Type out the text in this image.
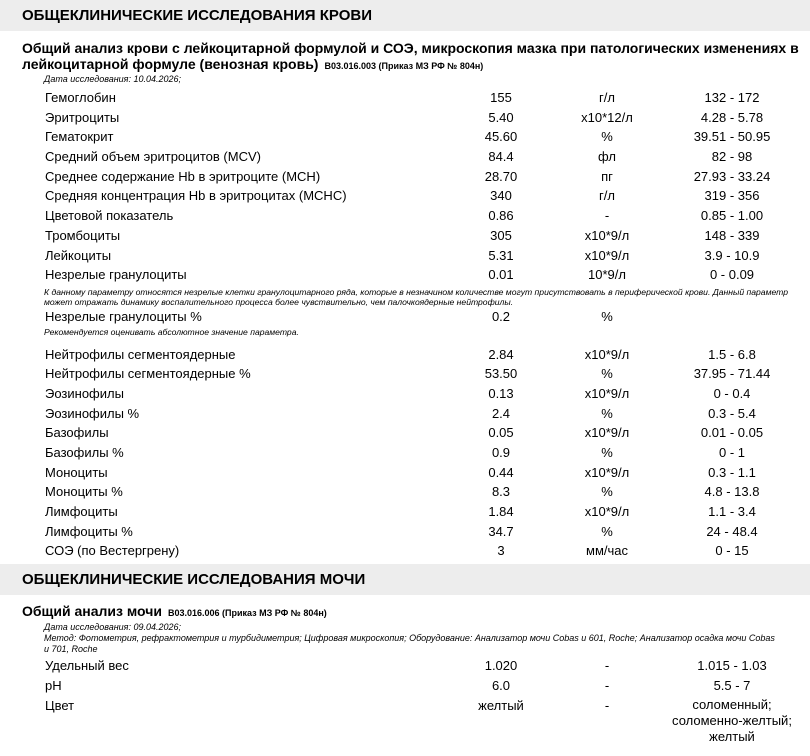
ОБЩЕКЛИНИЧЕСКИЕ ИССЛЕДОВАНИЯ КРОВИ
Общий анализ крови с лейкоцитарной формулой и СОЭ, микроскопия мазка при патологических изменениях в лейкоцитарной формуле (венозная кровь) B03.016.003 (Приказ МЗ РФ № 804н)
Дата исследования: 10.04.2026;
Гемоглобин	155	г/л	132 - 172
Эритроциты	5.40	x10*12/л	4.28 - 5.78
Гематокрит	45.60	%	39.51 - 50.95
Средний объем эритроцитов (MCV)	84.4	фл	82 - 98
Среднее содержание Hb в эритроците (MCH)	28.70	пг	27.93 - 33.24
Средняя концентрация Hb в эритроцитах (MCHC)	340	г/л	319 - 356
Цветовой показатель	0.86	-	0.85 - 1.00
Тромбоциты	305	x10*9/л	148 - 339
Лейкоциты	5.31	x10*9/л	3.9 - 10.9
Незрелые гранулоциты	0.01	10*9/л	0 - 0.09
К данному параметру относятся незрелые клетки гранулоцитарного ряда, которые в незначином количестве могут присутствовать в периферической крови. Данный параметр может отражать динамику воспалительного процесса более чувствительно, чем палочкоядерные нейтрофилы.
Незрелые гранулоциты %	0.2	%
Рекомендуется оценивать абсолютное значение параметра.
Нейтрофилы сегментоядерные	2.84	x10*9/л	1.5 - 6.8
Нейтрофилы сегментоядерные %	53.50	%	37.95 - 71.44
Эозинофилы	0.13	x10*9/л	0 - 0.4
Эозинофилы %	2.4	%	0.3 - 5.4
Базофилы	0.05	x10*9/л	0.01 - 0.05
Базофилы %	0.9	%	0 - 1
Моноциты	0.44	x10*9/л	0.3 - 1.1
Моноциты %	8.3	%	4.8 - 13.8
Лимфоциты	1.84	x10*9/л	1.1 - 3.4
Лимфоциты %	34.7	%	24 - 48.4
СОЭ (по Вестергрену)	3	мм/час	0 - 15
ОБЩЕКЛИНИЧЕСКИЕ ИССЛЕДОВАНИЯ МОЧИ
Общий анализ мочи B03.016.006 (Приказ МЗ РФ № 804н)
Дата исследования: 09.04.2026;
Метод: Фотометрия, рефрактометрия и турбидиметрия; Цифровая микроскопия; Оборудование: Анализатор мочи Cobas u 601, Roche; Анализатор осадка мочи Cobas u 701, Roche
Удельный вес	1.020	-	1.015 - 1.03
pH	6.0	-	5.5 - 7
Цвет	желтый	-	соломенный; соломенно-желтый; желтый
